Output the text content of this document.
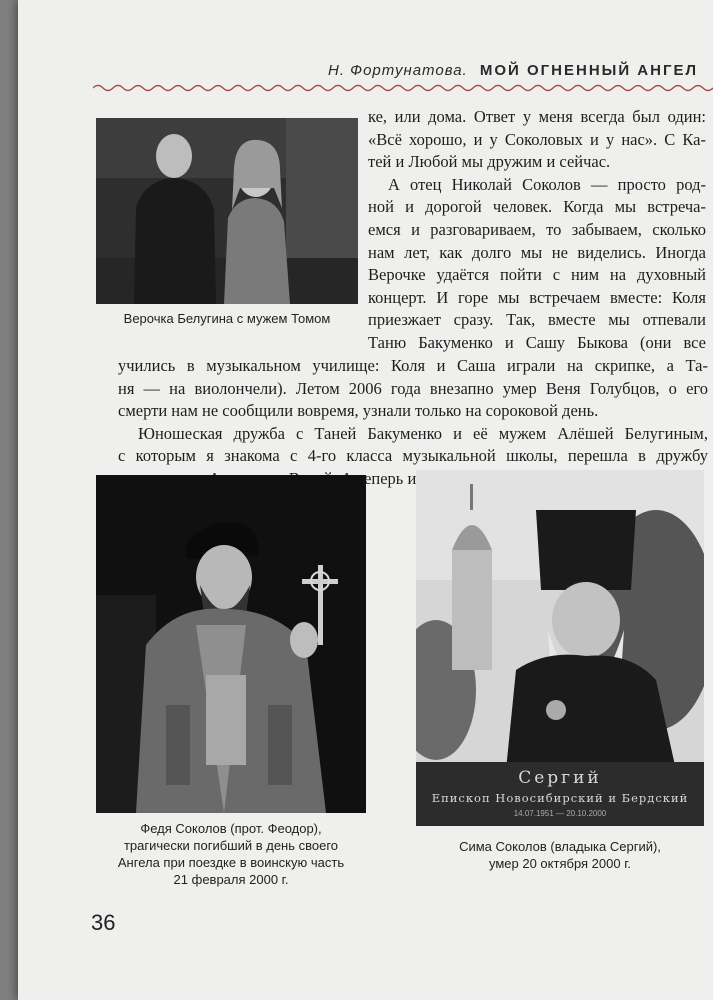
Н. Фортунатова. МОЙ ОГНЕННЫЙ АНГЕЛ
Верочка Белугина с мужем Томом

ке, или дома. Ответ у меня всегда был один:

«Всё хорошо, и у Соколовых и у нас». С Ка-

тей и Любой мы дружим и сейчас.

А отец Николай Соколов — просто род-

ной и дорогой человек. Когда мы встреча-

емся и разговариваем, то забываем, сколько

нам лет, как долго мы не виделись. Иногда

Верочке удаётся пойти с ним на духовный

концерт. И горе мы встречаем вместе: Коля

приезжает сразу. Так, вместе мы отпевали

Таню Бакуменко и Сашу Быкова (они все

учились в музыкальном училище: Коля и Саша играли на скрипке, а Та-

ня — на виолончели). Летом 2006 года внезапно умер Веня Голубцов, о его

смерти нам не сообщили вовремя, узнали только на сороковой день.

Юношеская дружба с Таней Бакуменко и её мужем Алёшей Белугиным,

с которым я знакома с 4-го класса музыкальной школы, перешла в дружбу

теперь и

Федя Соколов (прот. Феодор),
трагически погибший в день своего
Ангела при поездке в воинскую часть
21 февраля 2000 г.
Сергий
Епископ Новосибирский и Бердский
14.07.1951 — 20.10.2000
Сима Соколов (владыка Сергий),
умер 20 октября 2000 г.
36
